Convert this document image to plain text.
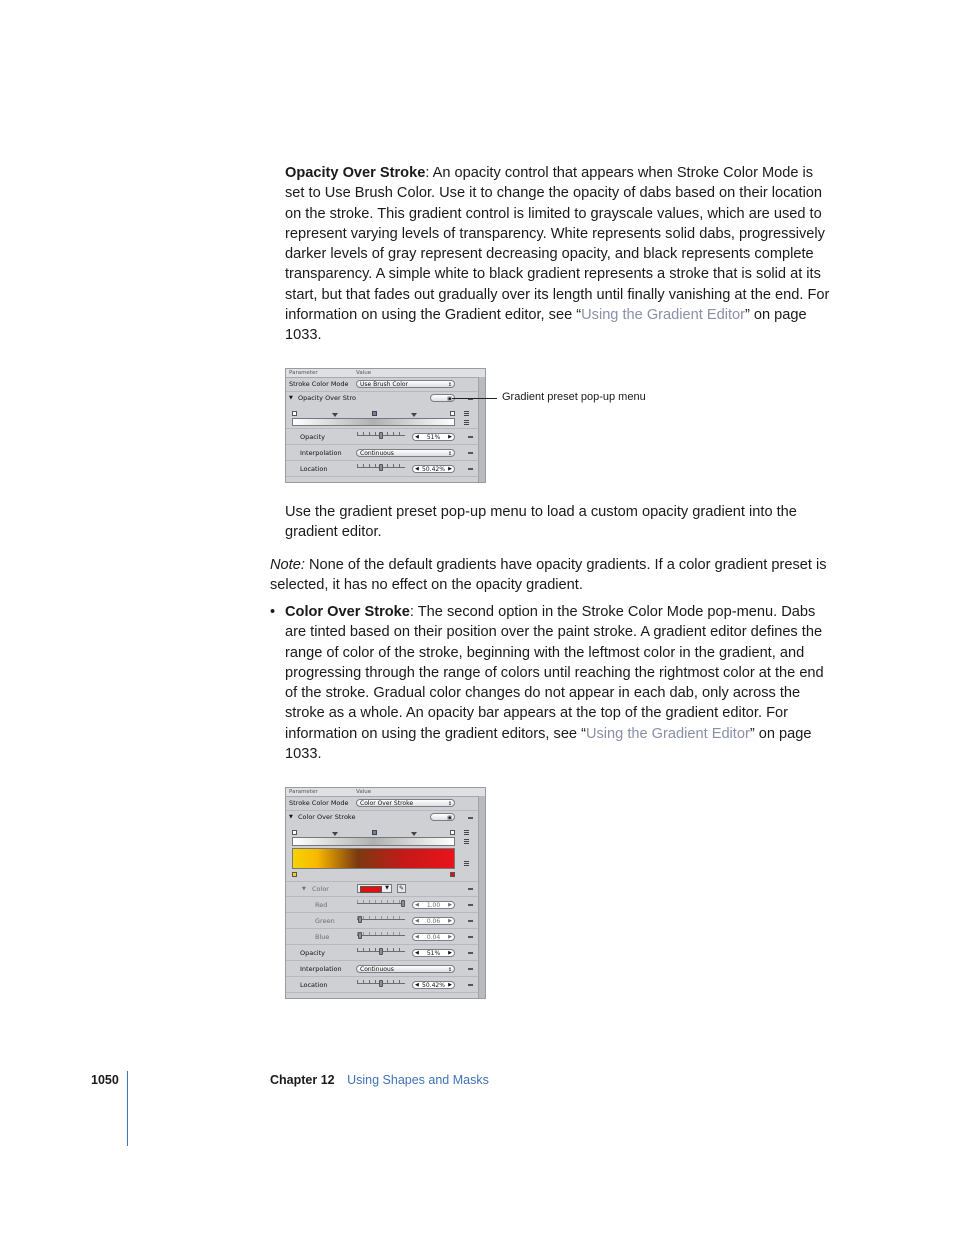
Opacity Over Stroke: An opacity control that appears when Stroke Color Mode is set to Use Brush Color. Use it to change the opacity of dabs based on their location on the stroke. This gradient control is limited to grayscale values, which are used to represent varying levels of transparency. White represents solid dabs, progressively darker levels of gray represent decreasing opacity, and black represents complete transparency. A simple white to black gradient represents a stroke that is solid at its start, but that fades out gradually over its length until finally vanishing at the end. For information on using the Gradient editor, see “Using the Gradient Editor” on page 1033.
Parameter	Value
Stroke Color Mode	Use Brush Color	↕
▼ Opacity Over Stro	▣
Opacity	◀ 51% ▶
Interpolation	Continuous	↕
Location	◀ 50.42% ▶
Gradient preset pop-up menu
Use the gradient preset pop-up menu to load a custom opacity gradient into the gradient editor.
Note: None of the default gradients have opacity gradients. If a color gradient preset is selected, it has no effect on the opacity gradient.
• Color Over Stroke: The second option in the Stroke Color Mode pop-menu. Dabs are tinted based on their position over the paint stroke. A gradient editor defines the range of color of the stroke, beginning with the leftmost color in the gradient, and progressing through the range of colors until reaching the rightmost color at the end of the stroke. Gradual color changes do not appear in each dab, only across the stroke as a whole. An opacity bar appears at the top of the gradient editor. For information on using the gradient editors, see “Using the Gradient Editor” on page 1033.
Parameter	Value
Stroke Color Mode	Color Over Stroke	↕
▼ Color Over Stroke	▣
▼ Color	▼	✎
Red	◀ 1.00 ▶
Green	◀ 0.06 ▶
Blue	◀ 0.04 ▶
Opacity	◀ 51% ▶
Interpolation	Continuous	↕
Location	◀ 50.42% ▶
1050	Chapter 12 Using Shapes and Masks
